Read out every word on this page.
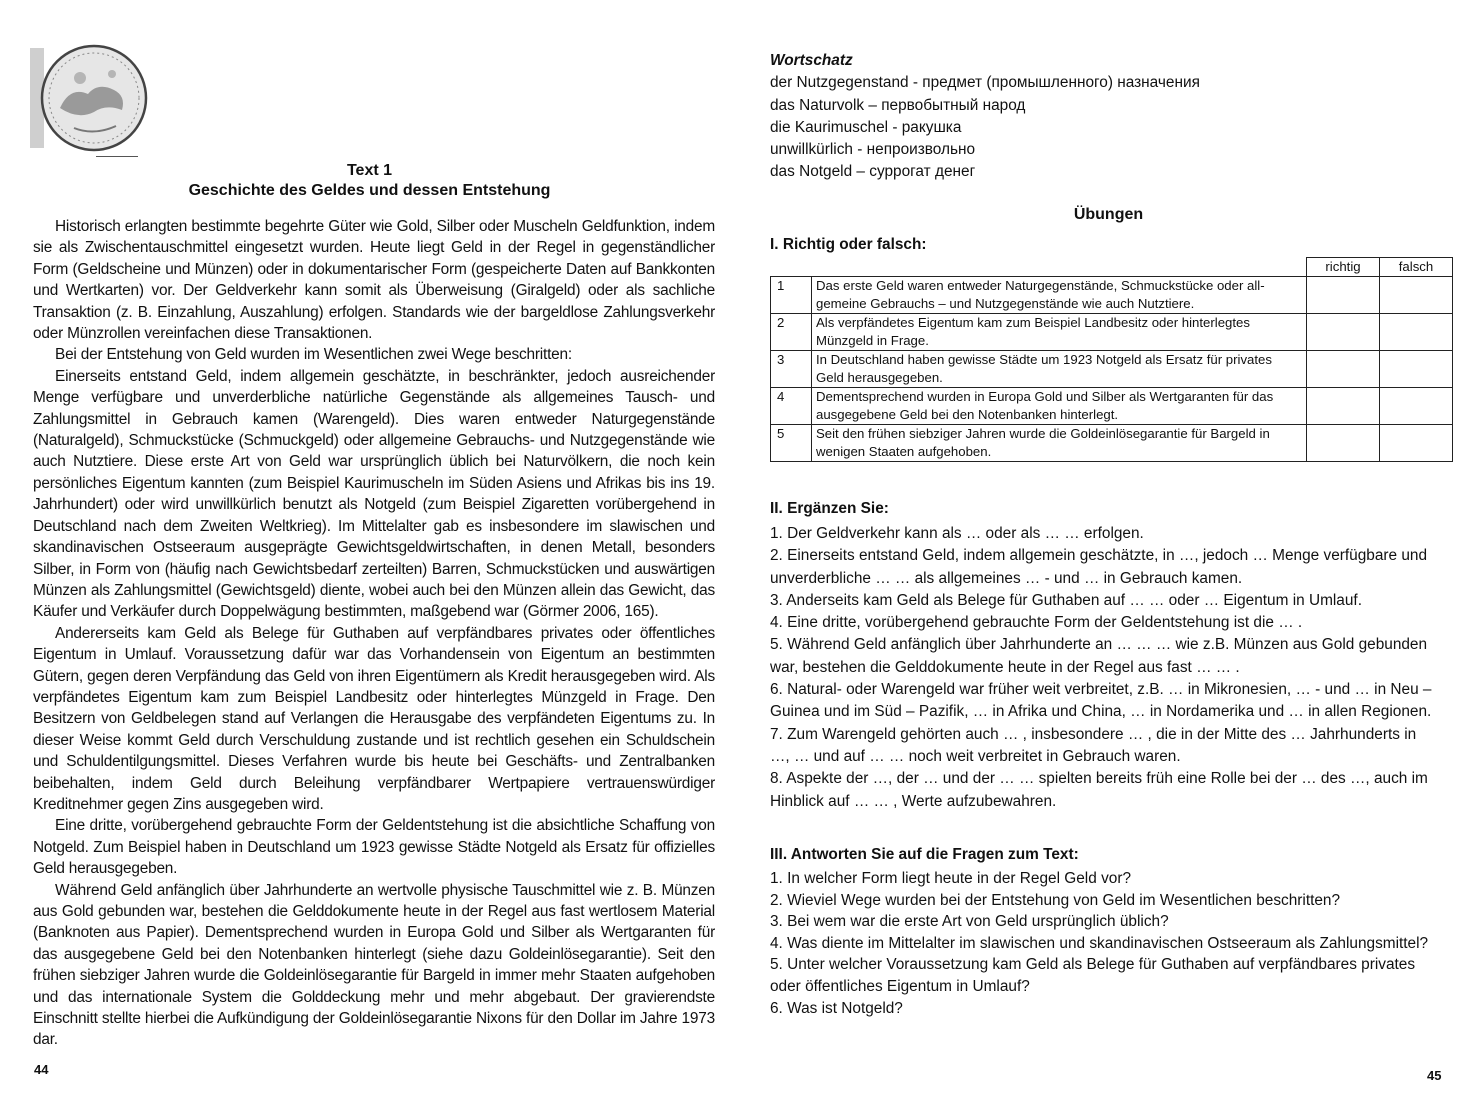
Text 1
Geschichte des Geldes und dessen Entstehung

Historisch erlangten bestimmte begehrte Güter wie Gold, Silber oder Muscheln Geldfunktion, indem sie als Zwischentauschmittel eingesetzt wurden. Heute liegt Geld in der Regel in gegenständlicher Form (Geldscheine und Münzen) oder in dokumentarischer Form (gespeicherte Daten auf Bankkonten und Wertkarten) vor. Der Geldverkehr kann somit als Überweisung (Giralgeld) oder als sachliche Transaktion (z. B. Einzahlung, Auszahlung) erfolgen. Standards wie der bargeldlose Zahlungsverkehr oder Münzrollen vereinfachen diese Transaktionen.

Bei der Entstehung von Geld wurden im Wesentlichen zwei Wege beschritten:

Einerseits entstand Geld, indem allgemein geschätzte, in beschränkter, jedoch ausreichender Menge verfügbare und unverderbliche natürliche Gegenstände als allgemeines Tausch- und Zahlungsmittel in Gebrauch kamen (Warengeld). Dies waren entweder Naturgegenstände (Naturalgeld), Schmuckstücke (Schmuckgeld) oder allgemeine Gebrauchs- und Nutzgegenstände wie auch Nutztiere. Diese erste Art von Geld war ursprünglich üblich bei Naturvölkern, die noch kein persönliches Eigentum kannten (zum Beispiel Kaurimuscheln im Süden Asiens und Afrikas bis ins 19. Jahrhundert) oder wird unwillkürlich benutzt als Notgeld (zum Beispiel Zigaretten vorübergehend in Deutschland nach dem Zweiten Weltkrieg). Im Mittelalter gab es insbesondere im slawischen und skandinavischen Ostseeraum ausgeprägte Gewichtsgeldwirtschaften, in denen Metall, besonders Silber, in Form von (häufig nach Gewichtsbedarf zerteilten) Barren, Schmuckstücken und auswärtigen Münzen als Zahlungsmittel (Gewichtsgeld) diente, wobei auch bei den Münzen allein das Gewicht, das Käufer und Verkäufer durch Doppelwägung bestimmten, maßgebend war (Görmer 2006, 165).

Andererseits kam Geld als Belege für Guthaben auf verpfändbares privates oder öffentliches Eigentum in Umlauf. Voraussetzung dafür war das Vorhandensein von Eigentum an bestimmten Gütern, gegen deren Verpfändung das Geld von ihren Eigentümern als Kredit herausgegeben wird. Als verpfändetes Eigentum kam zum Beispiel Landbesitz oder hinterlegtes Münzgeld in Frage. Den Besitzern von Geldbelegen stand auf Verlangen die Herausgabe des verpfändeten Eigentums zu. In dieser Weise kommt Geld durch Verschuldung zustande und ist rechtlich gesehen ein Schuldschein und Schuldentilgungsmittel. Dieses Verfahren wurde bis heute bei Geschäfts- und Zentralbanken beibehalten, indem Geld durch Beleihung verpfändbarer Wertpapiere vertrauenswürdiger Kreditnehmer gegen Zins ausgegeben wird.

Eine dritte, vorübergehend gebrauchte Form der Geldentstehung ist die absichtliche Schaffung von Notgeld. Zum Beispiel haben in Deutschland um 1923 gewisse Städte Notgeld als Ersatz für offizielles Geld herausgegeben.

Während Geld anfänglich über Jahrhunderte an wertvolle physische Tauschmittel wie z. B. Münzen aus Gold gebunden war, bestehen die Gelddokumente heute in der Regel aus fast wertlosem Material (Banknoten aus Papier). Dementsprechend wurden in Europa Gold und Silber als Wertgaranten für das ausgegebene Geld bei den Notenbanken hinterlegt (siehe dazu Goldeinlösegarantie). Seit den frühen siebziger Jahren wurde die Goldeinlösegarantie für Bargeld in immer mehr Staaten aufgehoben und das internationale System die Golddeckung mehr und mehr abgebaut. Der gravierendste Einschnitt stellte hierbei die Aufkündigung der Goldeinlösegarantie Nixons für den Dollar im Jahre 1973 dar.

44
Wortschatz
der Nutzgegenstand - предмет (промышленного) назначения
das Naturvolk – первобытный народ
die Kaurimuschel - ракушка
unwillkürlich - непроизвольно
das Notgeld – суррогат денег
Übungen
I. Richtig oder falsch:
		richtig	falsch
1	Das erste Geld waren entweder Naturgegenstände, Schmuckstücke oder all-
gemeine Gebrauchs – und Nutzgegenstände wie auch Nutztiere.		

2	Als verpfändetes Eigentum kam zum Beispiel Landbesitz oder hinterlegtes
Münzgeld in Frage.		

3	In Deutschland haben gewisse Städte um 1923 Notgeld als Ersatz für privates
Geld herausgegeben.		

4	Dementsprechend wurden in Europa Gold und Silber als Wertgaranten für das
ausgegebene Geld bei den Notenbanken hinterlegt.		

5	Seit den frühen siebziger Jahren wurde die Goldeinlösegarantie für Bargeld in
wenigen Staaten aufgehoben.		

II. Ergänzen Sie:

1. Der Geldverkehr kann als … oder als … … erfolgen.

2. Einerseits entstand Geld, indem allgemein geschätzte, in …, jedoch … Menge verfügbare und unverderbliche … … als allgemeines … - und … in Gebrauch kamen.

3. Anderseits kam Geld als Belege für Guthaben auf … … oder … Eigentum in Umlauf.

4. Eine dritte, vorübergehend gebrauchte Form der Geldentstehung ist die … .

5. Während Geld anfänglich über Jahrhunderte an … … … wie z.B. Münzen aus Gold gebunden war, bestehen die Gelddokumente heute in der Regel aus fast … … .

6. Natural- oder Warengeld war früher weit verbreitet, z.B. … in Mikronesien, … - und … in Neu – Guinea und im Süd – Pazifik, … in Afrika und China, … in Nordamerika und … in allen Regionen.

7. Zum Warengeld gehörten auch … , insbesondere … , die in der Mitte des … Jahrhunderts in …, … und auf … … noch weit verbreitet in Gebrauch waren.

8. Aspekte der …, der … und der … … spielten bereits früh eine Rolle bei der … des …, auch im Hinblick auf … … , Werte aufzubewahren.

III. Antworten Sie auf die Fragen zum Text:

1. In welcher Form liegt heute in der Regel Geld vor?

2. Wieviel Wege wurden bei der Entstehung von Geld im Wesentlichen beschritten?

3. Bei wem war die erste Art von Geld ursprünglich üblich?

4. Was diente im Mittelalter im slawischen und skandinavischen Ostseeraum als Zahlungsmittel?

5. Unter welcher Voraussetzung kam Geld als Belege für Guthaben auf verpfändbares privates oder öffentliches Eigentum in Umlauf?

6. Was ist Notgeld?

45
